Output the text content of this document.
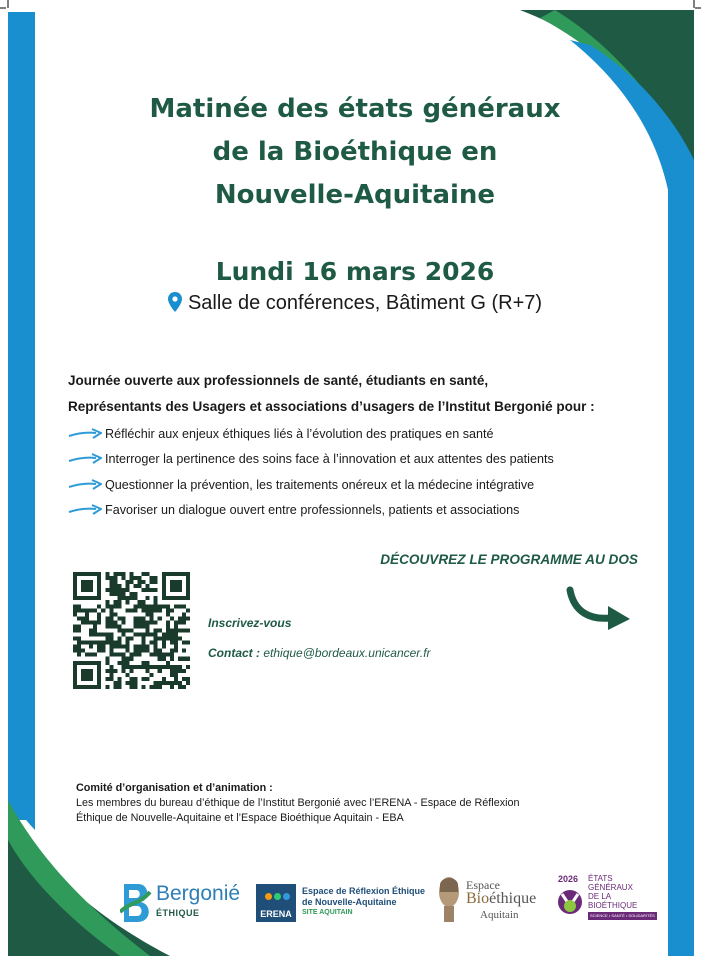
Matinée des états généraux
de la Bioéthique en
Nouvelle-Aquitaine
Lundi 16 mars 2026
Salle de conférences, Bâtiment G (R+7)
Journée ouverte aux professionnels de santé, étudiants en santé,
Représentants des Usagers et associations d’usagers de l’Institut Bergonié pour :
Réfléchir aux enjeux éthiques liés à l’évolution des pratiques en santé
Interroger la pertinence des soins face à l’innovation et aux attentes des patients
Questionner la prévention, les traitements onéreux et la médecine intégrative
Favoriser un dialogue ouvert entre professionnels, patients et associations
DÉCOUVREZ LE PROGRAMME AU DOS
Inscrivez-vous
Contact : ethique@bordeaux.unicancer.fr
Comité d’organisation et d’animation :
Les membres du bureau d’éthique de l’Institut Bergonié avec l’ERENA - Espace de Réflexion
Éthique de Nouvelle-Aquitaine et l’Espace Bioéthique Aquitain - EBA
Bergonié
ÉTHIQUE	ERENA
Espace de Réflexion Éthique
de Nouvelle-Aquitaine
SITE AQUITAIN
Espace
Bioéthique
Aquitain
2026 ÉTATS
GÉNÉRAUX
DE LA
BIOÉTHIQUE
SCIENCE • SANTÉ • SOLIDARITÉS
